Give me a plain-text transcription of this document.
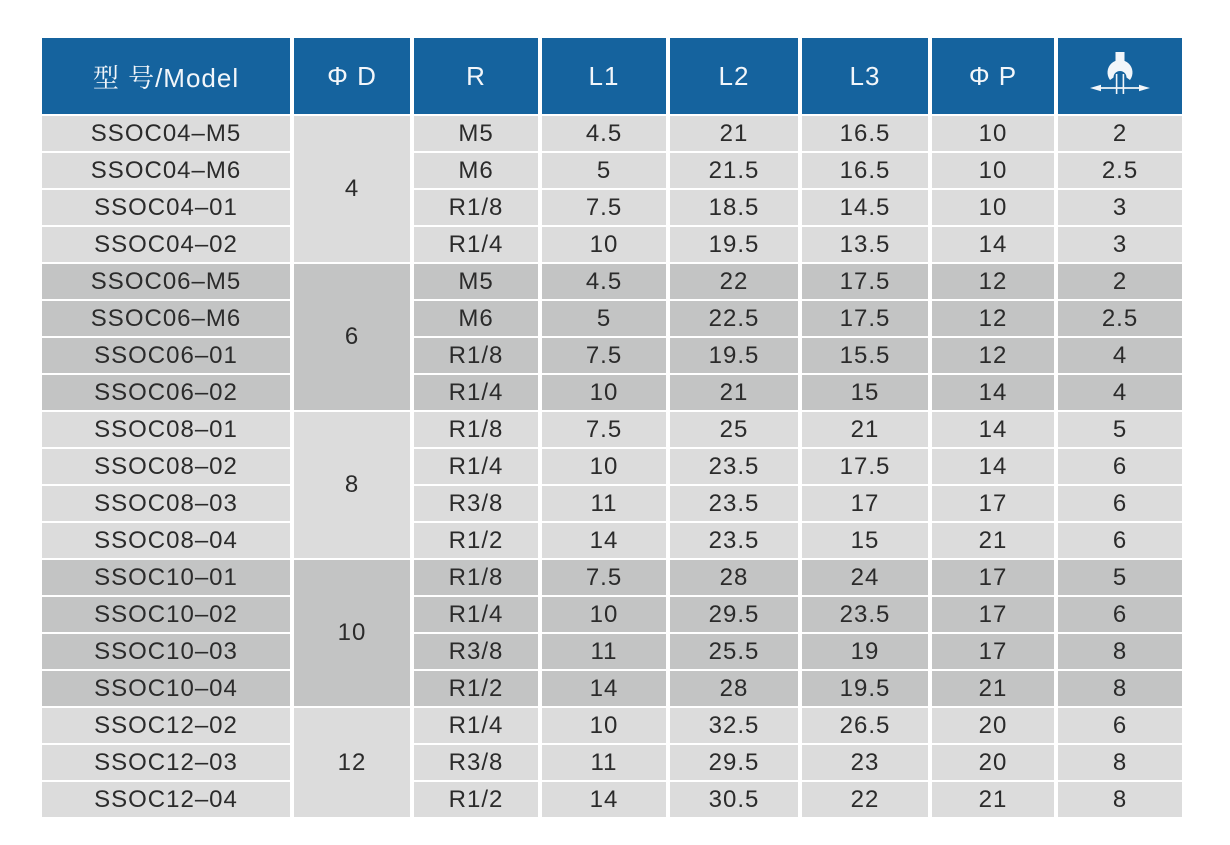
型 号/Model	Φ D	R	L1	L2	L3	Φ P	

SSOC04–M5	4	M5	4.5	21	16.5	10	2
SSOC04–M6		M6	5	21.5	16.5	10	2.5
SSOC04–01		R1/8	7.5	18.5	14.5	10	3
SSOC04–02		R1/4	10	19.5	13.5	14	3
SSOC06–M5	6	M5	4.5	22	17.5	12	2
SSOC06–M6		M6	5	22.5	17.5	12	2.5
SSOC06–01		R1/8	7.5	19.5	15.5	12	4
SSOC06–02		R1/4	10	21	15	14	4
SSOC08–01	8	R1/8	7.5	25	21	14	5
SSOC08–02		R1/4	10	23.5	17.5	14	6
SSOC08–03		R3/8	11	23.5	17	17	6
SSOC08–04		R1/2	14	23.5	15	21	6
SSOC10–01	10	R1/8	7.5	28	24	17	5
SSOC10–02		R1/4	10	29.5	23.5	17	6
SSOC10–03		R3/8	11	25.5	19	17	8
SSOC10–04		R1/2	14	28	19.5	21	8
SSOC12–02	12	R1/4	10	32.5	26.5	20	6
SSOC12–03		R3/8	11	29.5	23	20	8
SSOC12–04		R1/2	14	30.5	22	21	8
